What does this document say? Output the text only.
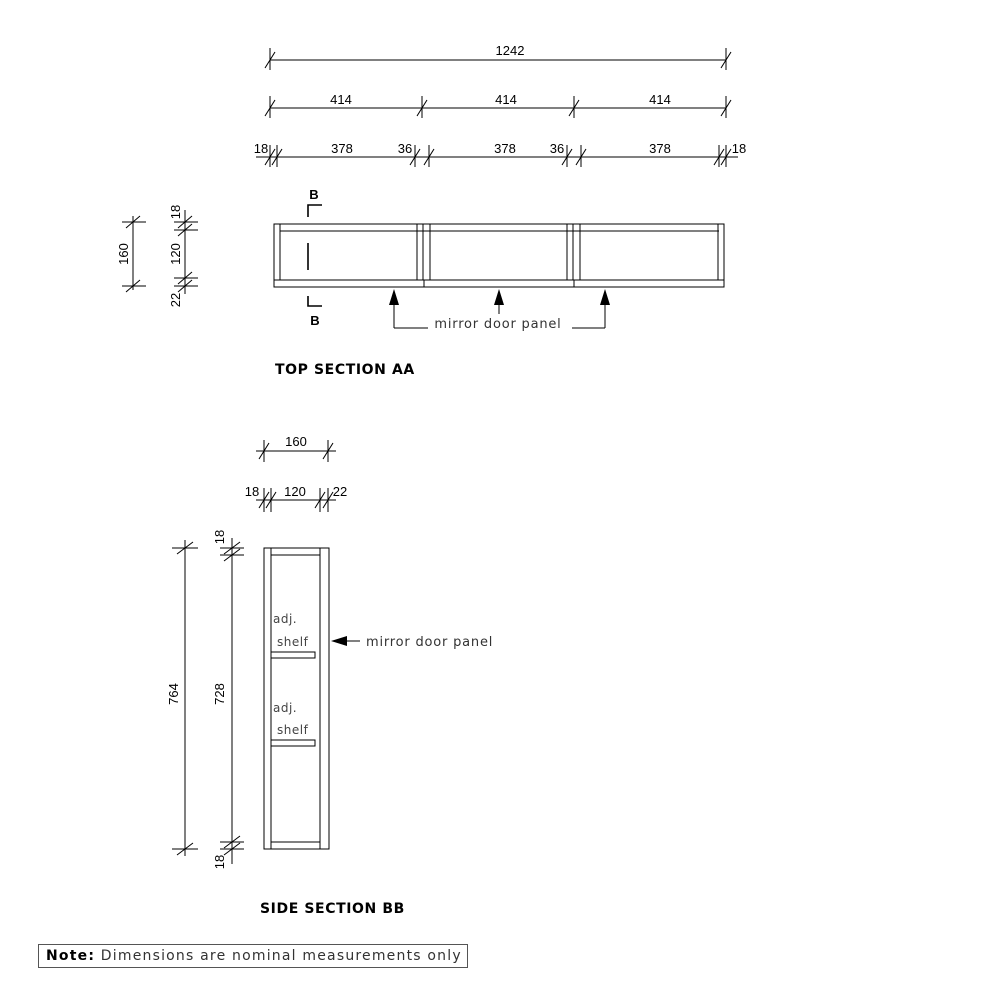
1242
414	414	414
18	378	36	378	36	378	18
160
18
120
22
B
B	mirror door panel
TOP SECTION AA
160
18 120 22
764 728
18
18
adj.
shelf
adj.
shelf
mirror door panel
SIDE SECTION BB
Note: Dimensions are nominal measurements only
